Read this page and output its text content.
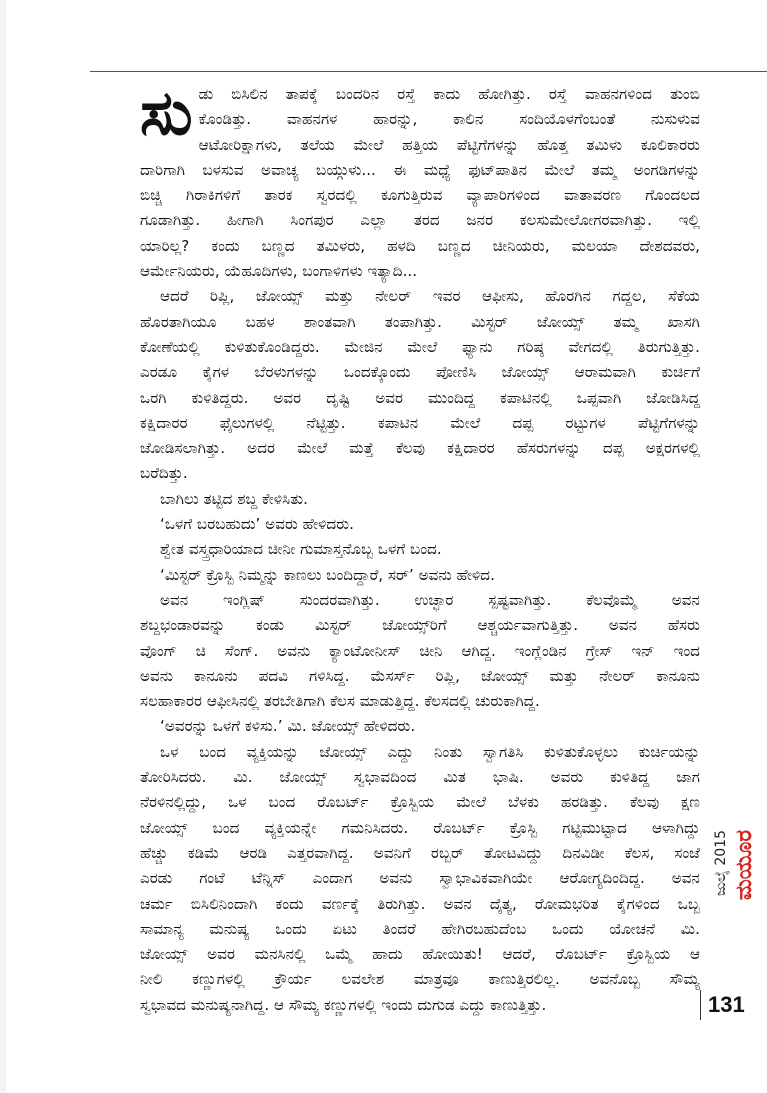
ಸು ಡು ಬಿಸಿಲಿನ ತಾಪಕ್ಕೆ ಬಂದರಿನ ರಸ್ತೆ ಕಾದು ಹೋಗಿತ್ತು. ರಸ್ತೆ ವಾಹನಗಳಿಂದ ತುಂಬಿ
ಕೊಂಡಿತ್ತು. ವಾಹನಗಳ ಹಾರನ್ನು, ಕಾಲಿನ ಸಂದಿಯೊಳಗೆಂಬಂತೆ ನುಸುಳುವ
ಆಟೋರಿಕ್ಷಾಗಳು, ತಲೆಯ ಮೇಲೆ ಹತ್ತಿಯ ಪೆಟ್ಟಿಗೆಗಳನ್ನು ಹೊತ್ತ ತಮಿಳು ಕೂಲಿಕಾರರು
ದಾರಿಗಾಗಿ ಬಳಸುವ ಅವಾಚ್ಯ ಬಯ್ಗುಳು... ಈ ಮಧ್ಯೆ ಫುಟ್‌ಪಾತಿನ ಮೇಲೆ ತಮ್ಮ ಅಂಗಡಿಗಳನ್ನು
ಬಿಚ್ಚಿ ಗಿರಾಕಿಗಳಿಗೆ ತಾರಕ ಸ್ವರದಲ್ಲಿ ಕೂಗುತ್ತಿರುವ ವ್ಯಾಪಾರಿಗಳಿಂದ ವಾತಾವರಣ ಗೊಂದಲದ
ಗೂಡಾಗಿತ್ತು. ಹೀಗಾಗಿ ಸಿಂಗಪುರ ಎಲ್ಲಾ ತರದ ಜನರ ಕಲಸುಮೇಲೋಗರವಾಗಿತ್ತು. ಇಲ್ಲಿ
ಯಾರಿಲ್ಲ? ಕಂದು ಬಣ್ಣದ ತಮಿಳರು, ಹಳದಿ ಬಣ್ಣದ ಚೀನಿಯರು, ಮಲಯಾ ದೇಶದವರು,
ಆರ್ಮೇನಿಯರು, ಯೆಹೂದಿಗಳು, ಬಂಗಾಳಿಗಳು ಇತ್ಯಾದಿ...
ಆದರೆ ರಿಪ್ಲಿ, ಜೋಯ್ಸ್ ಮತ್ತು ನೇಲರ್ ಇವರ ಆಫೀಸು, ಹೊರಗಿನ ಗದ್ದಲ, ಸೆಕೆಯ
ಹೊರತಾಗಿಯೂ ಬಹಳ ಶಾಂತವಾಗಿ ತಂಪಾಗಿತ್ತು. ಮಿಸ್ಟರ್ ಜೋಯ್ಸ್ ತಮ್ಮ ಖಾಸಗಿ
ಕೋಣೆಯಲ್ಲಿ ಕುಳಿತುಕೊಂಡಿದ್ದರು. ಮೇಜಿನ ಮೇಲೆ ಫ್ಯಾನು ಗರಿಷ್ಠ ವೇಗದಲ್ಲಿ ತಿರುಗುತ್ತಿತ್ತು.
ಎರಡೂ ಕೈಗಳ ಬೆರಳುಗಳನ್ನು ಒಂದಕ್ಕೊಂದು ಪೋಣಿಸಿ ಜೋಯ್ಸ್ ಆರಾಮವಾಗಿ ಕುರ್ಚಿಗೆ
ಒರಗಿ ಕುಳಿತಿದ್ದರು. ಅವರ ದೃಷ್ಟಿ ಅವರ ಮುಂದಿದ್ದ ಕಪಾಟಿನಲ್ಲಿ ಒಪ್ಪವಾಗಿ ಜೋಡಿಸಿದ್ದ
ಕಕ್ಷಿದಾರರ ಫೈಲುಗಳಲ್ಲಿ ನೆಟ್ಟಿತ್ತು. ಕಪಾಟಿನ ಮೇಲೆ ದಪ್ಪ ರಟ್ಟುಗಳ ಪೆಟ್ಟಿಗೆಗಳನ್ನು
ಜೋಡಿಸಲಾಗಿತ್ತು. ಅದರ ಮೇಲೆ ಮತ್ತೆ ಕೆಲವು ಕಕ್ಷಿದಾರರ ಹೆಸರುಗಳನ್ನು ದಪ್ಪ ಅಕ್ಷರಗಳಲ್ಲಿ
ಬರೆದಿತ್ತು.
ಬಾಗಿಲು ತಟ್ಟಿದ ಶಬ್ದ ಕೇಳಿಸಿತು.
‘ಒಳಗೆ ಬರಬಹುದು’ ಅವರು ಹೇಳಿದರು.
ಶ್ವೇತ ವಸ್ತ್ರಧಾರಿಯಾದ ಚೀನೀ ಗುಮಾಸ್ತನೊಬ್ಬ ಒಳಗೆ ಬಂದ.
‘ಮಿಸ್ಟರ್ ಕ್ರೊಸ್ಬಿ ನಿಮ್ಮನ್ನು ಕಾಣಲು ಬಂದಿದ್ದಾರೆ, ಸರ್’ ಅವನು ಹೇಳಿದ.
ಅವನ ಇಂಗ್ಲಿಷ್ ಸುಂದರವಾಗಿತ್ತು. ಉಚ್ಛಾರ ಸ್ಪಷ್ಟವಾಗಿತ್ತು. ಕೆಲವೊಮ್ಮೆ ಅವನ
ಶಬ್ದಭಂಡಾರವನ್ನು ಕಂಡು ಮಿಸ್ಟರ್ ಜೋಯ್ಸ್‌ರಿಗೆ ಆಶ್ಚರ್ಯವಾಗುತ್ತಿತ್ತು. ಅವನ ಹೆಸರು
ವೊಂಗ್ ಚಿ ಸೆಂಗ್. ಅವನು ಕ್ಯಾಂಟೋನೀಸ್ ಚೀನಿ ಆಗಿದ್ದ. ಇಂಗ್ಲೆಂಡಿನ ಗ್ರೇಸ್ ಇನ್ ಇಂದ
ಅವನು ಕಾನೂನು ಪದವಿ ಗಳಿಸಿದ್ದ. ಮೆಸರ್ಸ್ ರಿಪ್ಲಿ, ಜೋಯ್ಸ್ ಮತ್ತು ನೇಲರ್ ಕಾನೂನು
ಸಲಹಾಕಾರರ ಆಫೀಸಿನಲ್ಲಿ ತರಬೇತಿಗಾಗಿ ಕೆಲಸ ಮಾಡುತ್ತಿದ್ದ. ಕೆಲಸದಲ್ಲಿ ಚುರುಕಾಗಿದ್ದ.
‘ಅವರನ್ನು ಒಳಗೆ ಕಳಿಸು.’ ಮಿ. ಜೋಯ್ಸ್ ಹೇಳಿದರು.
ಒಳ ಬಂದ ವ್ಯಕ್ತಿಯನ್ನು ಜೋಯ್ಸ್ ಎದ್ದು ನಿಂತು ಸ್ವಾಗತಿಸಿ ಕುಳಿತುಕೊಳ್ಳಲು ಕುರ್ಚಿಯನ್ನು
ತೋರಿಸಿದರು. ಮಿ. ಜೋಯ್ಸ್ ಸ್ವಭಾವದಿಂದ ಮಿತ ಭಾಷಿ. ಅವರು ಕುಳಿತಿದ್ದ ಜಾಗ
ನೆರಳಿನಲ್ಲಿದ್ದು, ಒಳ ಬಂದ ರೊಬರ್ಟ್ ಕ್ರೊಸ್ಬಿಯ ಮೇಲೆ ಬೆಳಕು ಹರಡಿತ್ತು. ಕೆಲವು ಕ್ಷಣ
ಜೋಯ್ಸ್ ಬಂದ ವ್ಯಕ್ತಿಯನ್ನೇ ಗಮನಿಸಿದರು. ರೊಬರ್ಟ್ ಕ್ರೊಸ್ಬಿ ಗಟ್ಟಿಮುಟ್ಟಾದ ಆಳಾಗಿದ್ದು
ಹೆಚ್ಚು ಕಡಿಮೆ ಆರಡಿ ಎತ್ತರವಾಗಿದ್ದ. ಅವನಿಗೆ ರಬ್ಬರ್ ತೋಟವಿದ್ದು ದಿನವಿಡೀ ಕೆಲಸ, ಸಂಜೆ
ಎರಡು ಗಂಟೆ ಟೆನ್ನಿಸ್ ಎಂದಾಗ ಅವನು ಸ್ವಾಭಾವಿಕವಾಗಿಯೇ ಆರೋಗ್ಯದಿಂದಿದ್ದ. ಅವನ
ಚರ್ಮ ಬಿಸಿಲಿನಿಂದಾಗಿ ಕಂದು ವರ್ಣಕ್ಕೆ ತಿರುಗಿತ್ತು. ಅವನ ದೈತ್ಯ, ರೋಮಭರಿತ ಕೈಗಳಿಂದ ಒಬ್ಬ
ಸಾಮಾನ್ಯ ಮನುಷ್ಯ ಒಂದು ಏಟು ತಿಂದರೆ ಹೇಗಿರಬಹುದೆಂಬ ಒಂದು ಯೋಚನೆ ಮಿ.
ಜೋಯ್ಸ್ ಅವರ ಮನಸಿನಲ್ಲಿ ಒಮ್ಮೆ ಹಾದು ಹೋಯಿತು! ಆದರೆ, ರೊಬರ್ಟ್ ಕ್ರೊಸ್ಬಿಯ ಆ
ನೀಲಿ ಕಣ್ಣುಗಳಲ್ಲಿ ಕ್ರೌರ್ಯ ಲವಲೇಶ ಮಾತ್ರವೂ ಕಾಣುತ್ತಿರಲಿಲ್ಲ. ಅವನೊಬ್ಬ ಸೌಮ್ಯ
ಸ್ವಭಾವದ ಮನುಷ್ಯನಾಗಿದ್ದ. ಆ ಸೌಮ್ಯ ಕಣ್ಣುಗಳಲ್ಲಿ ಇಂದು ದುಗುಡ ಎದ್ದು ಕಾಣುತ್ತಿತ್ತು.
ಮಯೂರ
ಜುಲೈ 2015
131
